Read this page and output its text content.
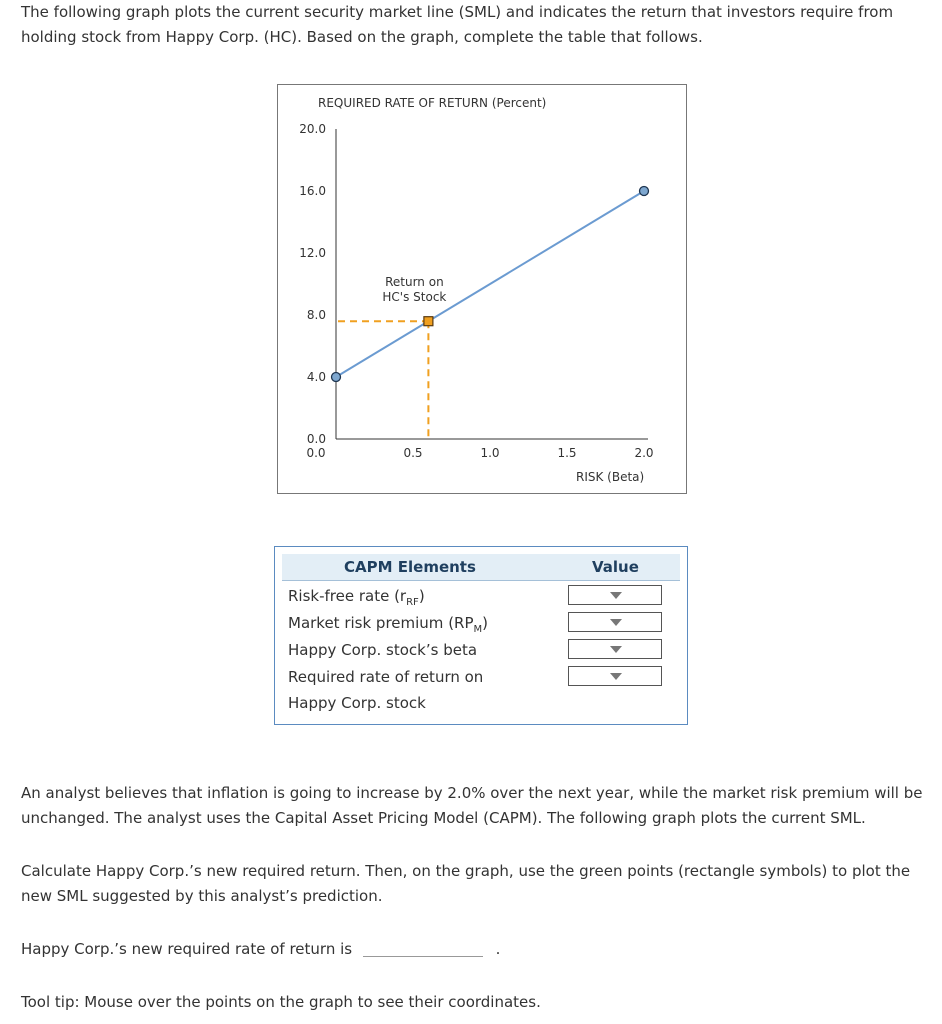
The following graph plots the current security market line (SML) and indicates the return that investors require from holding stock from Happy Corp. (HC). Based on the graph, complete the table that follows.

REQUIRED RATE OF RETURN (Percent)
RISK (Beta)
Return on
HC's Stock
20.0
16.0
12.0
8.0
4.0
0.0
0.0	0.5	1.0	1.5	2.0
CAPM Elements	Value
Risk-free rate $(r_{RF})$
Market risk premium $(RP_M)$
Happy Corp. stock’s beta
Required rate of return on
Happy Corp. stock

An analyst believes that inflation is going to increase by 2.0% over the next year, while the market risk premium will be unchanged. The analyst uses the Capital Asset Pricing Model (CAPM). The following graph plots the current SML.

Calculate Happy Corp.’s new required return. Then, on the graph, use the green points (rectangle symbols) to plot the new SML suggested by this analyst’s prediction.

Happy Corp.’s new required rate of return is	.

Tool tip: Mouse over the points on the graph to see their coordinates.
